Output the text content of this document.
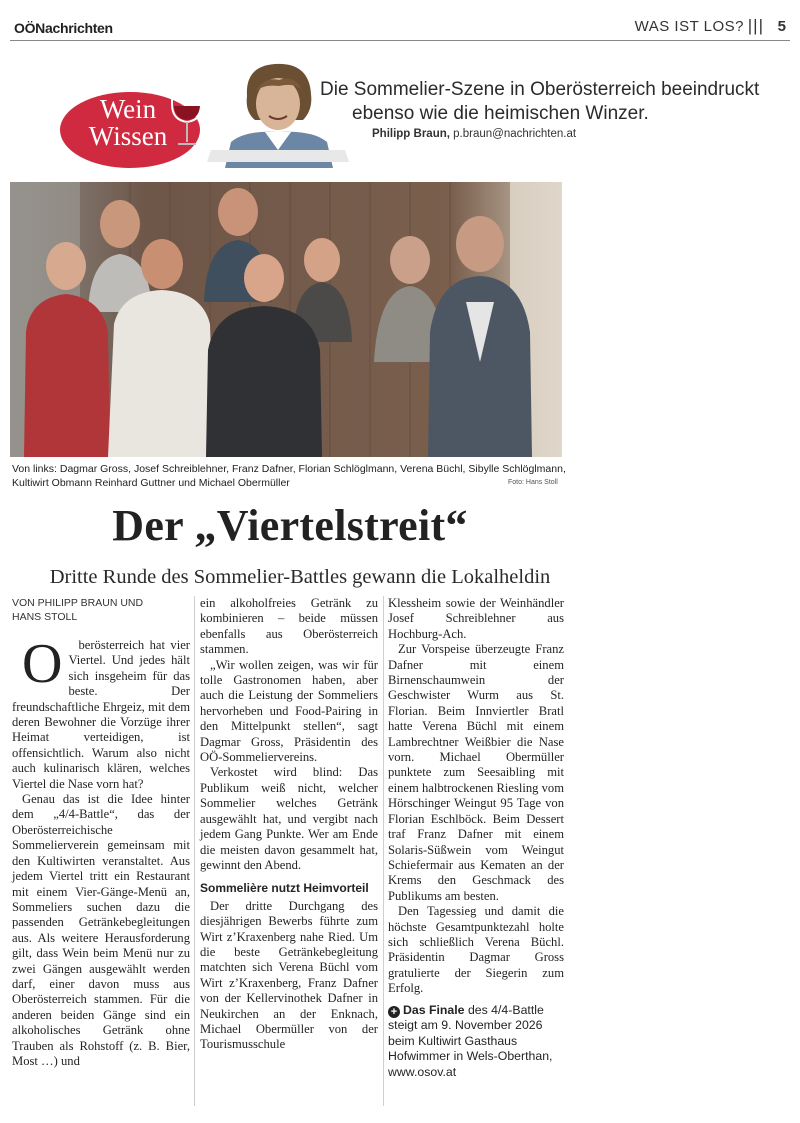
OÖNachrichten	WAS IST LOS? ||| 5
Wein
Wissen
Die Sommelier-Szene in Oberösterreich beeindruckt
ebenso wie die heimischen Winzer.
Philipp Braun, p.braun@nachrichten.at
Von links: Dagmar Gross, Josef Schreiblehner, Franz Dafner, Florian Schlöglmann, Verena Büchl, Sibylle Schlöglmann,
Kultiwirt Obmann Reinhard Guttner und Michael Obermüller	Foto: Hans Stoll
Der „Viertelstreit“
Dritte Runde des Sommelier-Battles gewann die Lokalheldin

VON PHILIPP BRAUN UND
HANS STOLL

O	berösterreich hat vier Viertel. Und jedes hält sich insgeheim für das beste. Der freundschaftliche Ehrgeiz, mit dem deren Bewohner die Vorzüge ihrer Heimat verteidigen, ist offensichtlich. Warum also nicht auch kulinarisch klären, welches Viertel die Nase vorn hat?

Genau das ist die Idee hinter dem „4/4-Battle“, das der Oberösterreichische Sommelierverein gemeinsam mit den Kultiwirten veranstaltet. Aus jedem Viertel tritt ein Restaurant mit einem Vier-Gänge-Menü an, Sommeliers suchen dazu die passenden Getränkebegleitungen aus. Als weitere Herausforderung gilt, dass Wein beim Menü nur zu zwei Gängen ausgewählt werden darf, einer davon muss aus Oberösterreich stammen. Für die anderen beiden Gänge sind ein alkoholisches Getränk ohne Trauben als Rohstoff (z. B. Bier, Most …) und

ein alkoholfreies Getränk zu kombinieren – beide müssen ebenfalls aus Oberösterreich stammen.

„Wir wollen zeigen, was wir für tolle Gastronomen haben, aber auch die Leistung der Sommeliers hervorheben und Food-Pairing in den Mittelpunkt stellen“, sagt Dagmar Gross, Präsidentin des OÖ-Sommeliervereins.

Verkostet wird blind: Das Publikum weiß nicht, welcher Sommelier welches Getränk ausgewählt hat, und vergibt nach jedem Gang Punkte. Wer am Ende die meisten davon gesammelt hat, gewinnt den Abend.

Sommelière nutzt Heimvorteil

Der dritte Durchgang des diesjährigen Bewerbs führte zum Wirt z’Kraxenberg nahe Ried. Um die beste Getränkebegleitung matchten sich Verena Büchl vom Wirt z’Kraxenberg, Franz Dafner von der Kellervinothek Dafner in Neukirchen an der Enknach, Michael Obermüller von der Tourismusschule

Klessheim sowie der Weinhändler Josef Schreiblehner aus Hochburg-Ach.

Zur Vorspeise überzeugte Franz Dafner mit einem Birnenschaumwein der Geschwister Wurm aus St. Florian. Beim Innviertler Bratl hatte Verena Büchl mit einem Lambrechtner Weißbier die Nase vorn. Michael Obermüller punktete zum Seesaibling mit einem halbtrockenen Riesling vom Hörschinger Weingut 95 Tage von Florian Eschlböck. Beim Dessert traf Franz Dafner mit einem Solaris-Süßwein vom Weingut Schiefermair aus Kematen an der Krems den Geschmack des Publikums am besten.

Den Tagessieg und damit die höchste Gesamtpunktezahl holte sich schließlich Verena Büchl. Präsidentin Dagmar Gross gratulierte der Siegerin zum Erfolg.

+ Das Finale des 4/4-Battle steigt am 9. November 2026 beim Kultiwirt Gasthaus Hofwimmer in Wels-Oberthan, www.osov.at
